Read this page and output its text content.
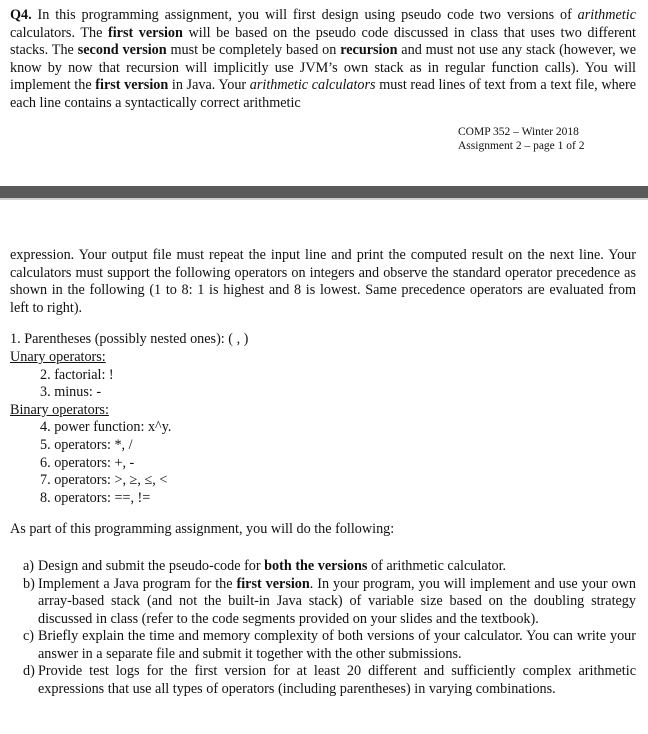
Q4. In this programming assignment, you will first design using pseudo code two versions of arithmetic calculators. The first version will be based on the pseudo code discussed in class that uses two different stacks. The second version must be completely based on recursion and must not use any stack (however, we know by now that recursion will implicitly use JVM’s own stack as in regular function calls). You will implement the first version in Java. Your arithmetic calculators must read lines of text from a text file, where each line contains a syntactically correct arithmetic

COMP 352 – Winter 2018
Assignment 2 – page 1 of 2

expression. Your output file must repeat the input line and print the computed result on the next line. Your calculators must support the following operators on integers and observe the standard operator precedence as shown in the following (1 to 8: 1 is highest and 8 is lowest. Same precedence operators are evaluated from left to right).

1. Parentheses (possibly nested ones): ( , )
Unary operators:
2. factorial: !
3. minus: -
Binary operators:
4. power function: x^y.
5. operators: *, /
6. operators: +, -
7. operators: >, ≥, ≤, <
8. operators: ==, !=

As part of this programming assignment, you will do the following:

a) Design and submit the pseudo-code for both the versions of arithmetic calculator.
b) Implement a Java program for the first version. In your program, you will implement and use your own array-based stack (and not the built-in Java stack) of variable size based on the doubling strategy discussed in class (refer to the code segments provided on your slides and the textbook).
c) Briefly explain the time and memory complexity of both versions of your calculator. You can write your answer in a separate file and submit it together with the other submissions.
d) Provide test logs for the first version for at least 20 different and sufficiently complex arithmetic expressions that use all types of operators (including parentheses) in varying combinations.
